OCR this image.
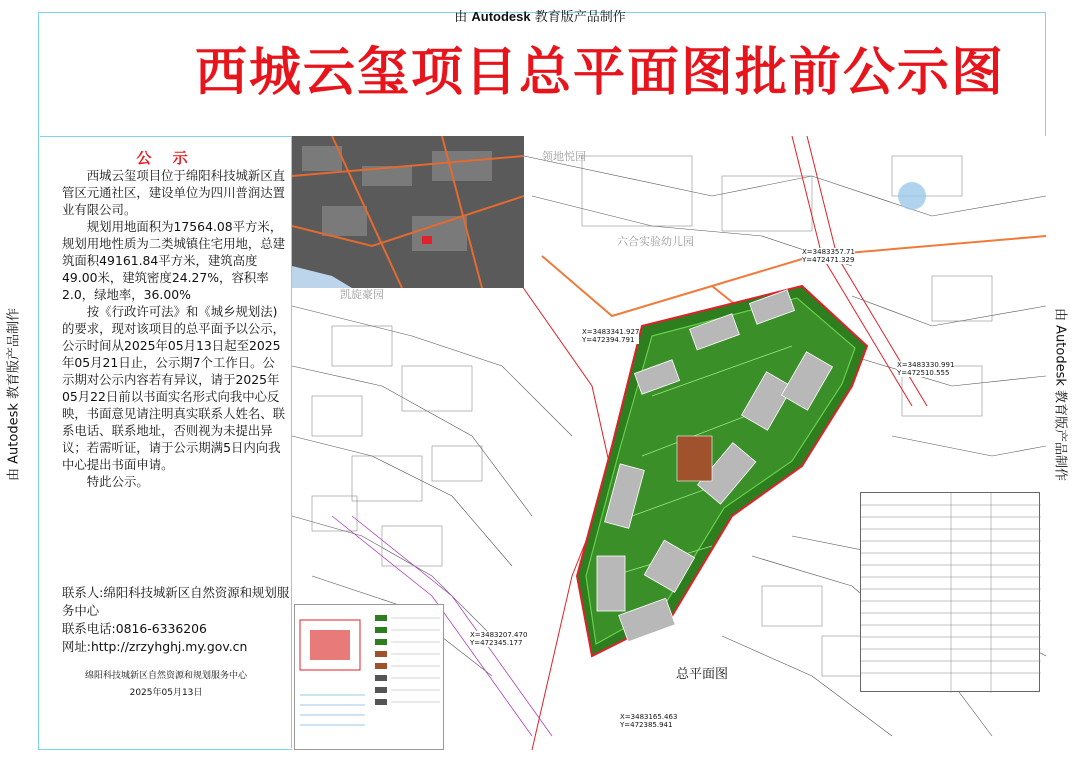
由 Autodesk 教育版产品制作
由 Autodesk 教育版产品制作	由 Autodesk 教育版产品制作
西城云玺项目总平面图批前公示图
公 示

西城云玺项目位于绵阳科技城新区直管区元通社区，建设单位为四川普润达置业有限公司。

规划用地面积为17564.08平方米，规划用地性质为二类城镇住宅用地，总建筑面积49161.84平方米，建筑高度49.00米，建筑密度24.27%，容积率2.0，绿地率，36.00%

按《行政许可法》和《城乡规划法)的要求，现对该项目的总平面予以公示，公示时间从2025年05月13日起至2025年05月21日止，公示期7个工作日。公示期对公示内容若有异议，请于2025年05月22日前以书面实名形式向我中心反映，书面意见请注明真实联系人姓名、联系电话、联系地址，否则视为未提出异议；若需听证，请于公示期满5日内向我中心提出书面申请。

特此公示。

联系人:绵阳科技城新区自然资源和规划服务中心
联系电话:0816-6336206
网址:http://zrzyhghj.my.gov.cn
绵阳科技城新区自然资源和规划服务中心
2025年05月13日
领地悦园
六合实验幼儿园
凯旋豪园
X=3483341.927
Y=472394.791
X=3483357.71
Y=472471.329
X=3483330.991
Y=472510.555
X=3483207.470
Y=472345.177
X=3483165.463
Y=472385.941
总平面图
